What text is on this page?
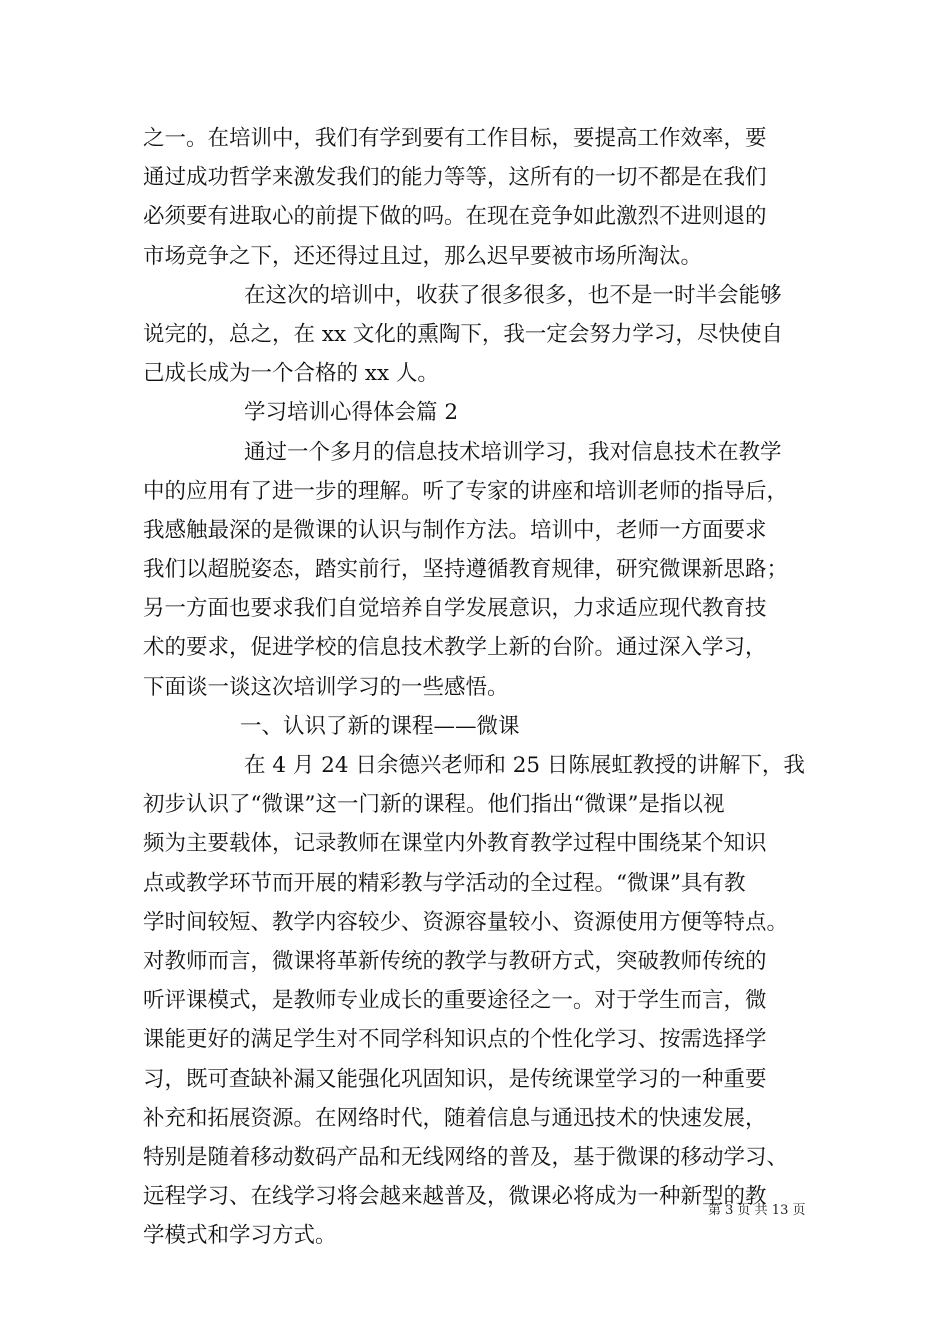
之一。在培训中，我们有学到要有工作目标，要提高工作效率，要
通过成功哲学来激发我们的能力等等，这所有的一切不都是在我们
必须要有进取心的前提下做的吗。在现在竞争如此激烈不进则退的
市场竞争之下，还还得过且过，那么迟早要被市场所淘汰。
在这次的培训中，收获了很多很多，也不是一时半会能够
说完的，总之，在 xx 文化的熏陶下，我一定会努力学习，尽快使自
己成长成为一个合格的 xx 人。
学习培训心得体会篇 2
通过一个多月的信息技术培训学习，我对信息技术在教学
中的应用有了进一步的理解。听了专家的讲座和培训老师的指导后，
我感触最深的是微课的认识与制作方法。培训中，老师一方面要求
我们以超脱姿态，踏实前行，坚持遵循教育规律，研究微课新思路；
另一方面也要求我们自觉培养自学发展意识，力求适应现代教育技
术的要求，促进学校的信息技术教学上新的台阶。通过深入学习，
下面谈一谈这次培训学习的一些感悟。
一、认识了新的课程——微课
在 4 月 24 日余德兴老师和 25 日陈展虹教授的讲解下，我
初步认识了“微课”这一门新的课程。他们指出“微课”是指以视
频为主要载体，记录教师在课堂内外教育教学过程中围绕某个知识
点或教学环节而开展的精彩教与学活动的全过程。“微课”具有教
学时间较短、教学内容较少、资源容量较小、资源使用方便等特点。
对教师而言，微课将革新传统的教学与教研方式，突破教师传统的
听评课模式，是教师专业成长的重要途径之一。对于学生而言，微
课能更好的满足学生对不同学科知识点的个性化学习、按需选择学
习，既可查缺补漏又能强化巩固知识，是传统课堂学习的一种重要
补充和拓展资源。在网络时代，随着信息与通迅技术的快速发展，
特别是随着移动数码产品和无线网络的普及，基于微课的移动学习、
远程学习、在线学习将会越来越普及，微课必将成为一种新型的教
学模式和学习方式。
第 3 页 共 13 页
